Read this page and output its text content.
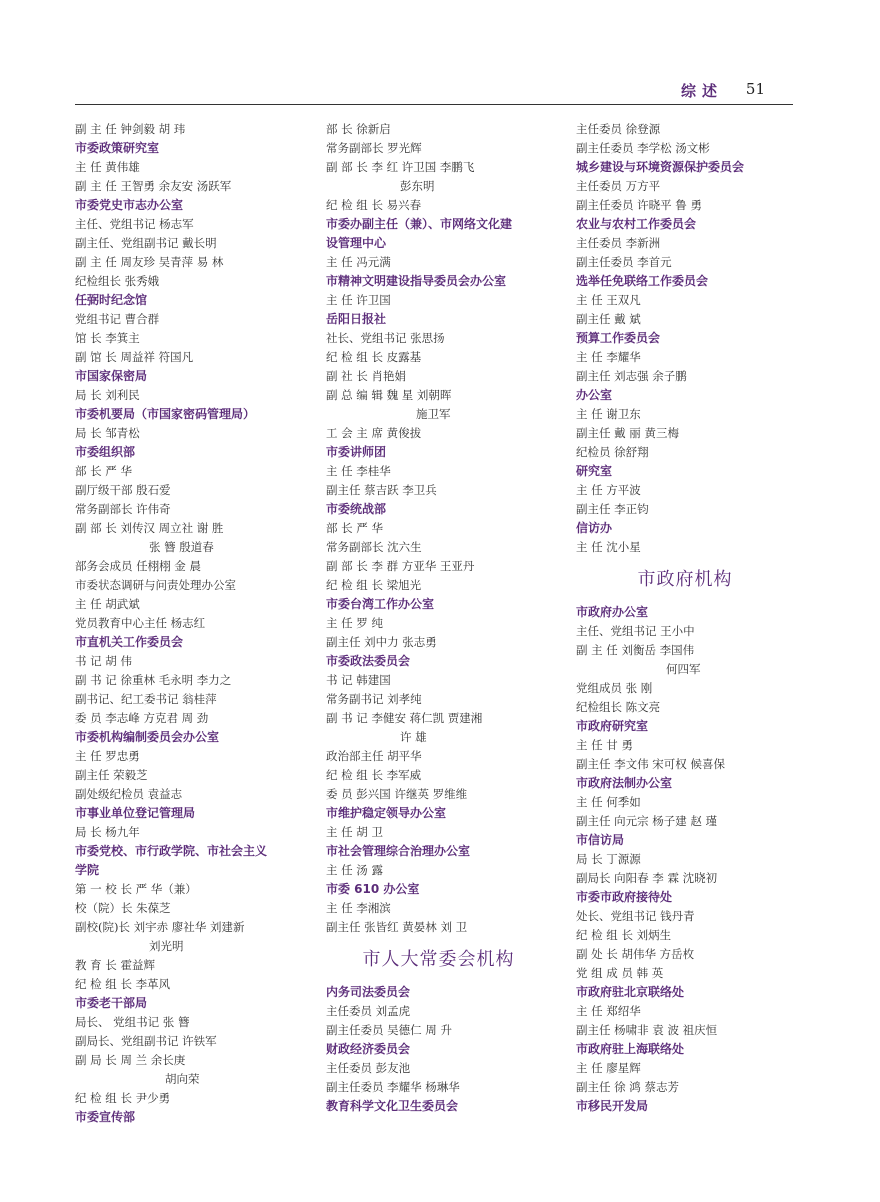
综述 51
副 主 任 钟剑毅 胡 玮
市委政策研究室
主 任 黄伟雄
副 主 任 王智勇 余友安 汤跃军
市委党史市志办公室
主任、党组书记 杨志军
副主任、党组副书记 戴长明
副 主 任 周友珍 吴青萍 易 林
纪检组长 张秀娥
任弼时纪念馆
党组书记 曹合群
馆 长 李箕主
副 馆 长 周益祥 符国凡
市国家保密局
局 长 刘利民
市委机要局（市国家密码管理局）
局 长 邹青松
市委组织部
部 长 严 华
副厅级干部 殷石爱
常务副部长 许伟奇
副 部 长 刘传汉 周立社 谢 胜
张 簪 殷道春
部务会成员 任栩栩 金 晨
市委状态调研与问责处理办公室
主 任 胡武斌
党员教育中心主任 杨志红
市直机关工作委员会
书 记 胡 伟
副 书 记 徐重林 毛永明 李力之
副书记、纪工委书记 翁桂萍
委 员 李志峰 方克君 周 劲
市委机构编制委员会办公室
主 任 罗忠勇
副主任 荣毅芝
副处级纪检员 袁益志
市事业单位登记管理局
局 长 杨九年
市委党校、市行政学院、市社会主义
学院
第 一 校 长 严 华（兼）
校（院）长 朱葆芝
副校(院)长 刘宇赤 廖社华 刘建新
刘光明
教 育 长 霍益辉
纪 检 组 长 李革风
市委老干部局
局长、 党组书记 张 簪
副局长、党组副书记 许铁军
副 局 长 周 兰 余长庚
胡向荣
纪 检 组 长 尹少勇
市委宣传部
部 长 徐新启
常务副部长 罗光辉
副 部 长 李 红 许卫国 李鹏飞
彭东明
纪 检 组 长 易兴春
市委办副主任（兼）、市网络文化建
设管理中心
主 任 冯元满
市精神文明建设指导委员会办公室
主 任 许卫国
岳阳日报社
社长、党组书记 张思扬
纪 检 组 长 皮露基
副 社 长 肖艳娟
副 总 编 辑 魏 星 刘朝晖
施卫军
工 会 主 席 黄俊拔
市委讲师团
主 任 李桂华
副主任 蔡吉跃 李卫兵
市委统战部
部 长 严 华
常务副部长 沈六生
副 部 长 李 群 方亚华 王亚丹
纪 检 组 长 梁旭光
市委台湾工作办公室
主 任 罗 纯
副主任 刘中力 张志勇
市委政法委员会
书 记 韩建国
常务副书记 刘孝纯
副 书 记 李健安 蒋仁凯 贾建湘
许 雄
政治部主任 胡平华
纪 检 组 长 李军威
委 员 彭兴国 许继英 罗维维
市维护稳定领导办公室
主 任 胡 卫
市社会管理综合治理办公室
主 任 汤 露
市委 610 办公室
主 任 李湘滨
副主任 张皆红 黄晏林 刘 卫
市人大常委会机构
内务司法委员会
主任委员 刘孟虎
副主任委员 吴德仁 周 升
财政经济委员会
主任委员 彭友池
副主任委员 李耀华 杨琳华
教育科学文化卫生委员会
主任委员 徐登源
副主任委员 李学松 汤文彬
城乡建设与环境资源保护委员会
主任委员 万方平
副主任委员 许晓平 鲁 勇
农业与农村工作委员会
主任委员 李新洲
副主任委员 李首元
选举任免联络工作委员会
主 任 王双凡
副主任 戴 斌
预算工作委员会
主 任 李耀华
副主任 刘志强 余子鹏
办公室
主 任 谢卫东
副主任 戴 丽 黄三梅
纪检员 徐舒翔
研究室
主 任 方平波
副主任 李正钧
信访办
主 任 沈小星
市政府机构
市政府办公室
主任、党组书记 王小中
副 主 任 刘衡岳 李国伟
何四军
党组成员 张 刚
纪检组长 陈文亮
市政府研究室
主 任 甘 勇
副主任 李文伟 宋可权 候喜保
市政府法制办公室
主 任 何季如
副主任 向元宗 杨子建 赵 瑾
市信访局
局 长 丁源源
副局长 向阳春 李 霖 沈晓初
市委市政府接待处
处长、党组书记 钱丹青
纪 检 组 长 刘炳生
副 处 长 胡伟华 方岳枚
党 组 成 员 韩 英
市政府驻北京联络处
主 任 郑绍华
副主任 杨啸非 袁 波 祖庆恒
市政府驻上海联络处
主 任 廖星辉
副主任 徐 鸿 蔡志芳
市移民开发局
